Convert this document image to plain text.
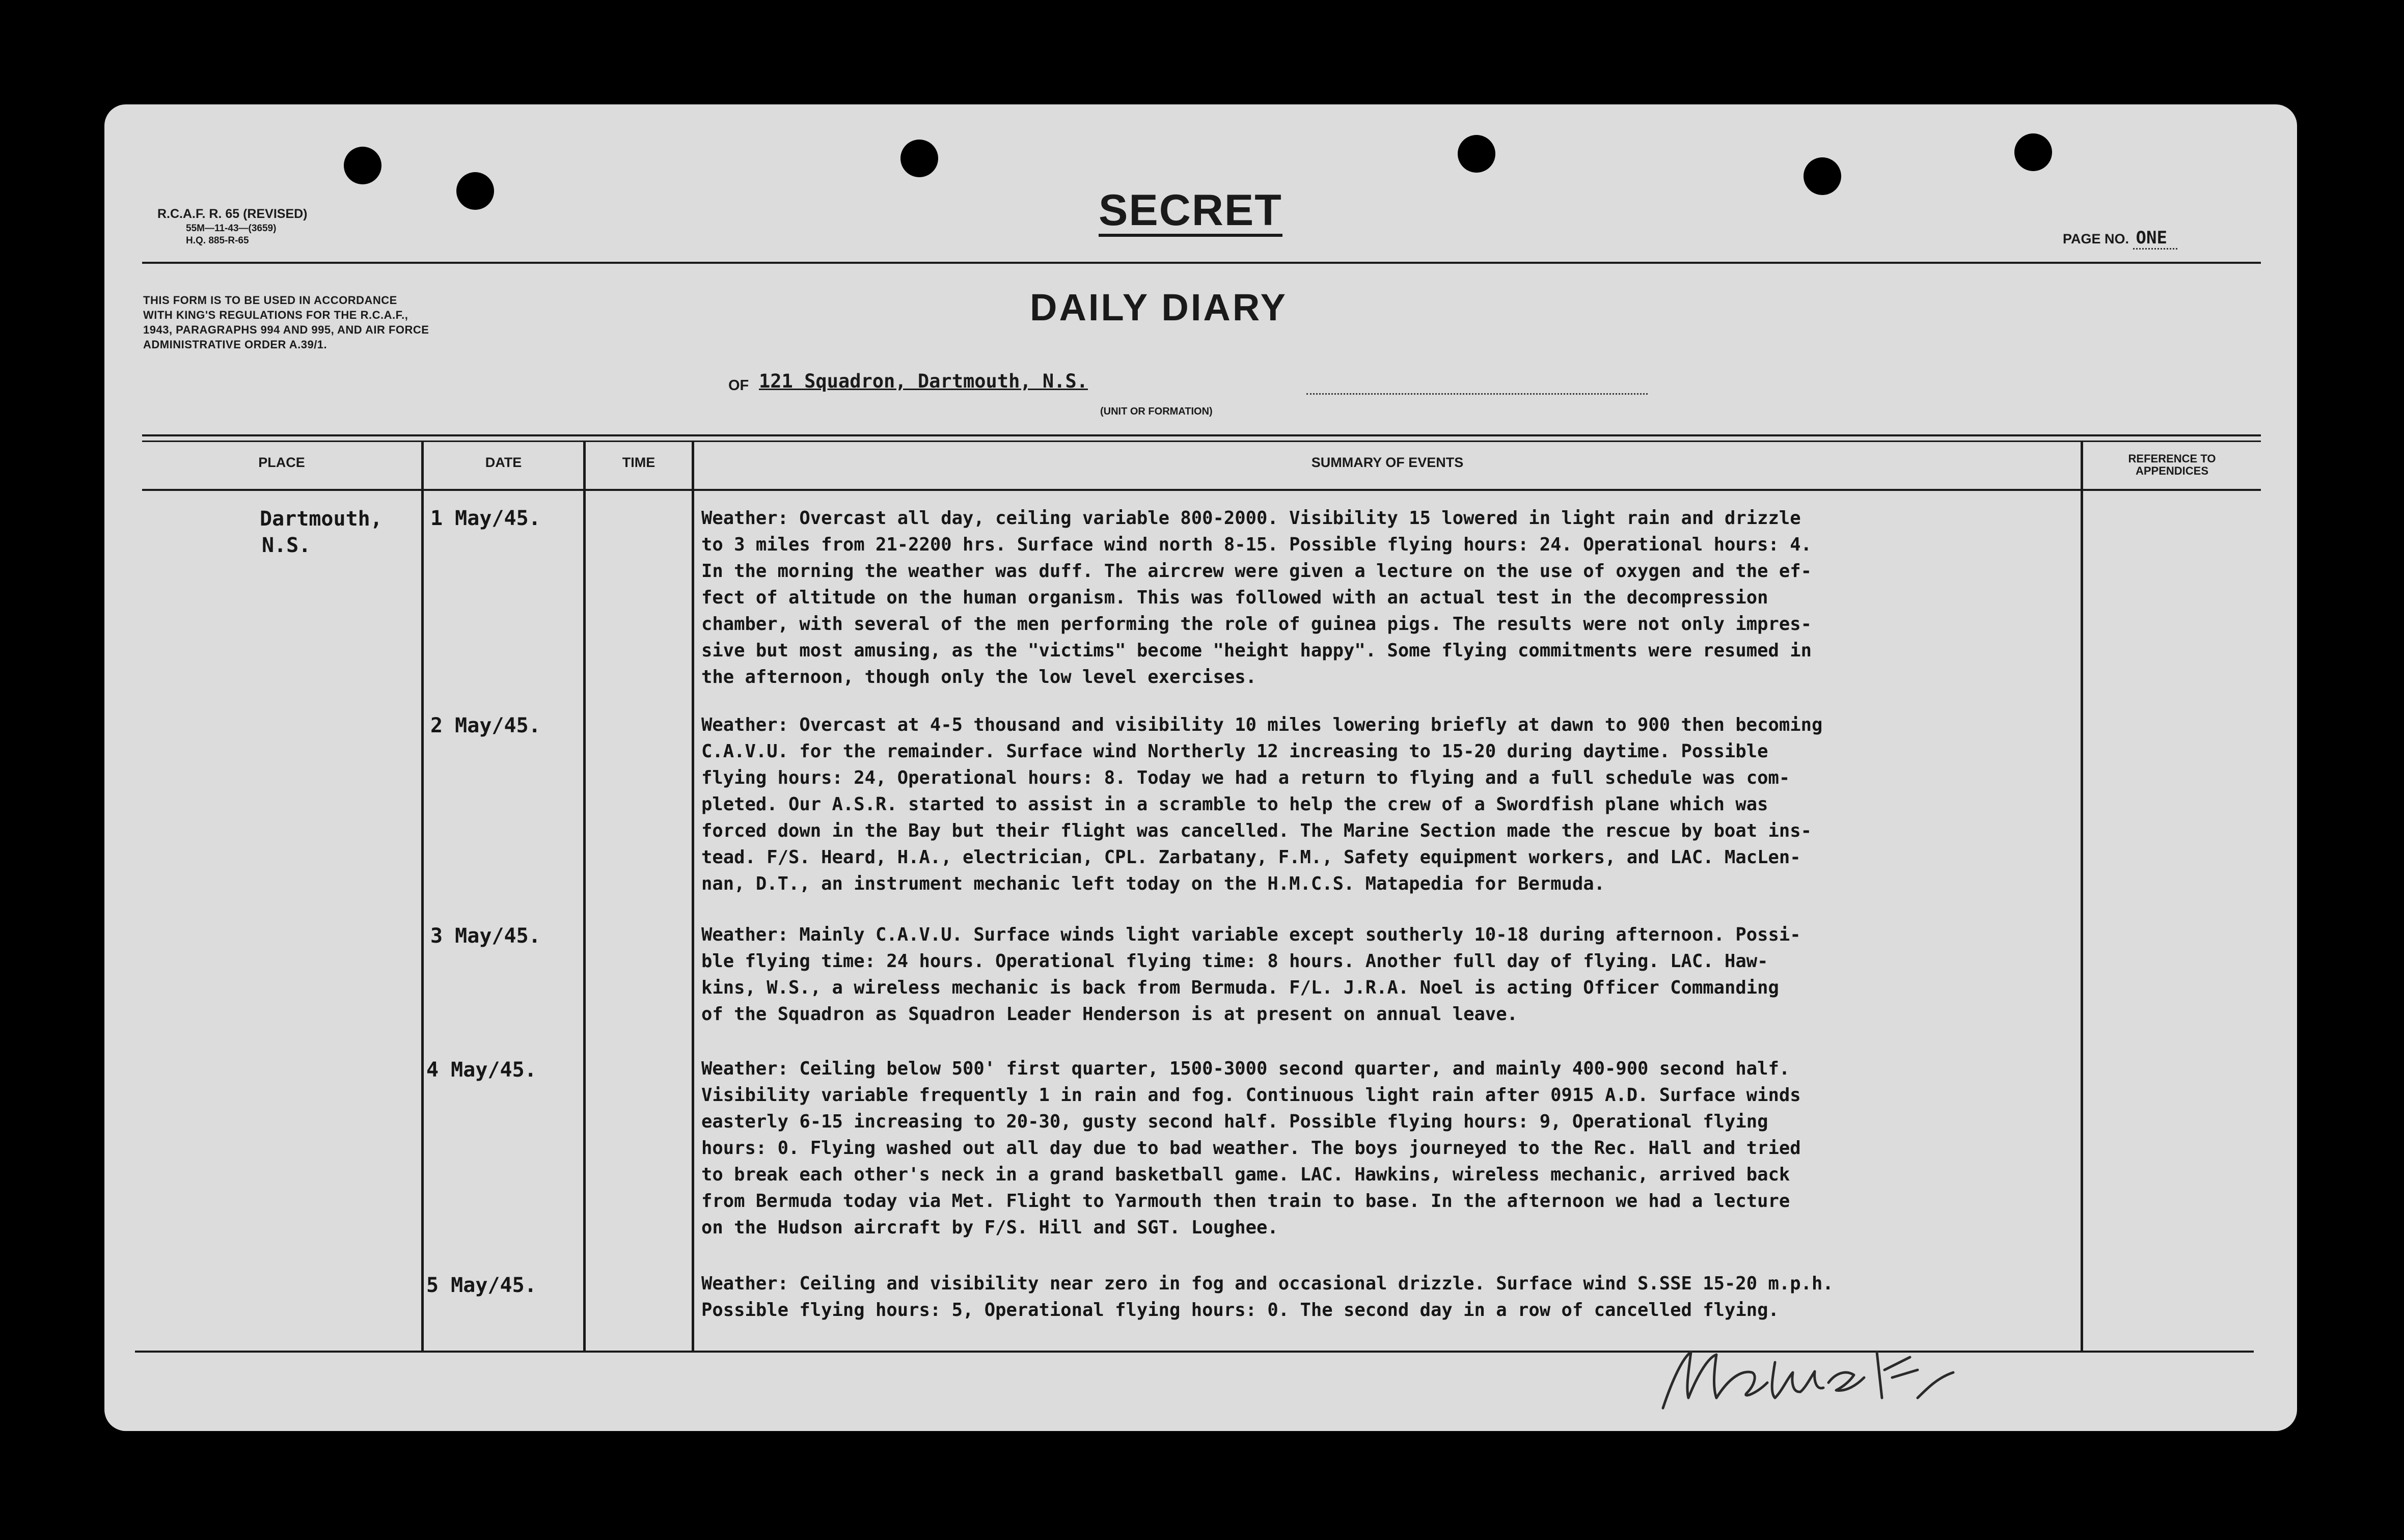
R.C.A.F. R. 65 (REVISED)
55M—11-43—(3659)
H.Q. 885-R-65
SECRET
PAGE NO. ONE
THIS FORM IS TO BE USED IN ACCORDANCE
WITH KING'S REGULATIONS FOR THE R.C.A.F.,
1943, PARAGRAPHS 994 AND 995, AND AIR FORCE
ADMINISTRATIVE ORDER A.39/1.
DAILY DIARY
OF 121 Squadron, Dartmouth, N.S.
(UNIT OR FORMATION)
PLACE	DATE	TIME	SUMMARY OF EVENTS	REFERENCE TO
APPENDICES
Dartmouth,
N.S.
1 May/45.	Weather: Overcast all day, ceiling variable 800-2000. Visibility 15 lowered in light rain and drizzle
to 3 miles from 21-2200 hrs. Surface wind north 8-15. Possible flying hours: 24. Operational hours: 4.
In the morning the weather was duff. The aircrew were given a lecture on the use of oxygen and the ef-
fect of altitude on the human organism. This was followed with an actual test in the decompression
chamber, with several of the men performing the role of guinea pigs. The results were not only impres-
sive but most amusing, as the "victims" become "height happy". Some flying commitments were resumed in
the afternoon, though only the low level exercises.
2 May/45.	Weather: Overcast at 4-5 thousand and visibility 10 miles lowering briefly at dawn to 900 then becoming
C.A.V.U. for the remainder. Surface wind Northerly 12 increasing to 15-20 during daytime. Possible
flying hours: 24, Operational hours: 8. Today we had a return to flying and a full schedule was com-
pleted. Our A.S.R. started to assist in a scramble to help the crew of a Swordfish plane which was
forced down in the Bay but their flight was cancelled. The Marine Section made the rescue by boat ins-
tead. F/S. Heard, H.A., electrician, CPL. Zarbatany, F.M., Safety equipment workers, and LAC. MacLen-
nan, D.T., an instrument mechanic left today on the H.M.C.S. Matapedia for Bermuda.
3 May/45.	Weather: Mainly C.A.V.U. Surface winds light variable except southerly 10-18 during afternoon. Possi-
ble flying time: 24 hours. Operational flying time: 8 hours. Another full day of flying. LAC. Haw-
kins, W.S., a wireless mechanic is back from Bermuda. F/L. J.R.A. Noel is acting Officer Commanding
of the Squadron as Squadron Leader Henderson is at present on annual leave.
4 May/45.	Weather: Ceiling below 500' first quarter, 1500-3000 second quarter, and mainly 400-900 second half.
Visibility variable frequently 1 in rain and fog. Continuous light rain after 0915 A.D. Surface winds
easterly 6-15 increasing to 20-30, gusty second half. Possible flying hours: 9, Operational flying
hours: 0. Flying washed out all day due to bad weather. The boys journeyed to the Rec. Hall and tried
to break each other's neck in a grand basketball game. LAC. Hawkins, wireless mechanic, arrived back
from Bermuda today via Met. Flight to Yarmouth then train to base. In the afternoon we had a lecture
on the Hudson aircraft by F/S. Hill and SGT. Loughee.
5 May/45.	Weather: Ceiling and visibility near zero in fog and occasional drizzle. Surface wind S.SSE 15-20 m.p.h.
Possible flying hours: 5, Operational flying hours: 0. The second day in a row of cancelled flying.
